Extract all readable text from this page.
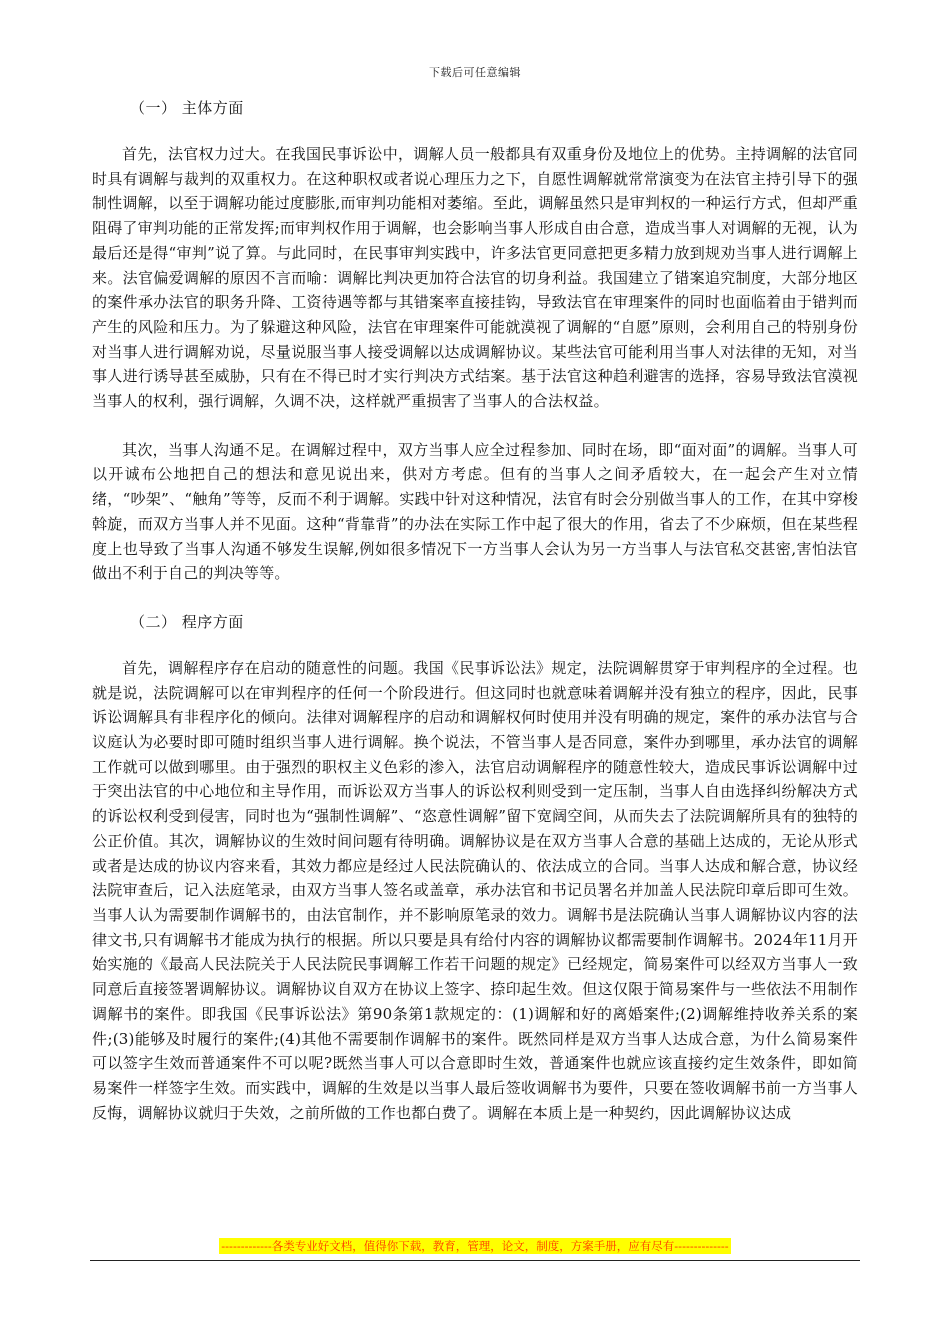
下载后可任意编辑
（一） 主体方面

首先，法官权力过大。在我国民事诉讼中，调解人员一般都具有双重身份及地位上的优势。主持调解的法官同时具有调解与裁判的双重权力。在这种职权或者说心理压力之下，自愿性调解就常常演变为在法官主持引导下的强制性调解，以至于调解功能过度膨胀,而审判功能相对萎缩。至此，调解虽然只是审判权的一种运行方式，但却严重阻碍了审判功能的正常发挥;而审判权作用于调解，也会影响当事人形成自由合意，造成当事人对调解的无视，认为最后还是得“审判”说了算。与此同时，在民事审判实践中，许多法官更同意把更多精力放到规劝当事人进行调解上来。法官偏爱调解的原因不言而喻：调解比判决更加符合法官的切身利益。我国建立了错案追究制度，大部分地区的案件承办法官的职务升降、工资待遇等都与其错案率直接挂钩，导致法官在审理案件的同时也面临着由于错判而产生的风险和压力。为了躲避这种风险，法官在审理案件可能就漠视了调解的“自愿”原则，会利用自己的特别身份对当事人进行调解劝说，尽量说服当事人接受调解以达成调解协议。某些法官可能利用当事人对法律的无知，对当事人进行诱导甚至威胁，只有在不得已时才实行判决方式结案。基于法官这种趋利避害的选择，容易导致法官漠视当事人的权利，强行调解，久调不决，这样就严重损害了当事人的合法权益。

其次，当事人沟通不足。在调解过程中，双方当事人应全过程参加、同时在场，即“面对面”的调解。当事人可以开诚布公地把自己的想法和意见说出来，供对方考虑。但有的当事人之间矛盾较大，在一起会产生对立情绪，“吵架”、“触角”等等，反而不利于调解。实践中针对这种情况，法官有时会分别做当事人的工作，在其中穿梭斡旋，而双方当事人并不见面。这种“背靠背”的办法在实际工作中起了很大的作用，省去了不少麻烦，但在某些程度上也导致了当事人沟通不够发生误解,例如很多情况下一方当事人会认为另一方当事人与法官私交甚密,害怕法官做出不利于自己的判决等等。

（二） 程序方面

首先，调解程序存在启动的随意性的问题。我国《民事诉讼法》规定，法院调解贯穿于审判程序的全过程。也就是说，法院调解可以在审判程序的任何一个阶段进行。但这同时也就意味着调解并没有独立的程序，因此，民事诉讼调解具有非程序化的倾向。法律对调解程序的启动和调解权何时使用并没有明确的规定，案件的承办法官与合议庭认为必要时即可随时组织当事人进行调解。换个说法，不管当事人是否同意，案件办到哪里，承办法官的调解工作就可以做到哪里。由于强烈的职权主义色彩的渗入，法官启动调解程序的随意性较大，造成民事诉讼调解中过于突出法官的中心地位和主导作用，而诉讼双方当事人的诉讼权利则受到一定压制，当事人自由选择纠纷解决方式的诉讼权利受到侵害，同时也为“强制性调解”、“恣意性调解”留下宽阔空间，从而失去了法院调解所具有的独特的公正价值。其次，调解协议的生效时间问题有待明确。调解协议是在双方当事人合意的基础上达成的，无论从形式或者是达成的协议内容来看，其效力都应是经过人民法院确认的、依法成立的合同。当事人达成和解合意，协议经法院审查后，记入法庭笔录，由双方当事人签名或盖章，承办法官和书记员署名并加盖人民法院印章后即可生效。当事人认为需要制作调解书的，由法官制作，并不影响原笔录的效力。调解书是法院确认当事人调解协议内容的法律文书,只有调解书才能成为执行的根据。所以只要是具有给付内容的调解协议都需要制作调解书。2024年11月开始实施的《最高人民法院关于人民法院民事调解工作若干问题的规定》已经规定，简易案件可以经双方当事人一致同意后直接签署调解协议。调解协议自双方在协议上签字、捺印起生效。但这仅限于简易案件与一些依法不用制作调解书的案件。即我国《民事诉讼法》第90条第1款规定的：(1)调解和好的离婚案件;(2)调解维持收养关系的案件;(3)能够及时履行的案件;(4)其他不需要制作调解书的案件。既然同样是双方当事人达成合意，为什么简易案件可以签字生效而普通案件不可以呢?既然当事人可以合意即时生效，普通案件也就应该直接约定生效条件，即如简易案件一样签字生效。而实践中，调解的生效是以当事人最后签收调解书为要件，只要在签收调解书前一方当事人反悔，调解协议就归于失效，之前所做的工作也都白费了。调解在本质上是一种契约，因此调解协议达成

-------------各类专业好文档，值得你下载，教育，管理，论文，制度，方案手册，应有尽有--------------
